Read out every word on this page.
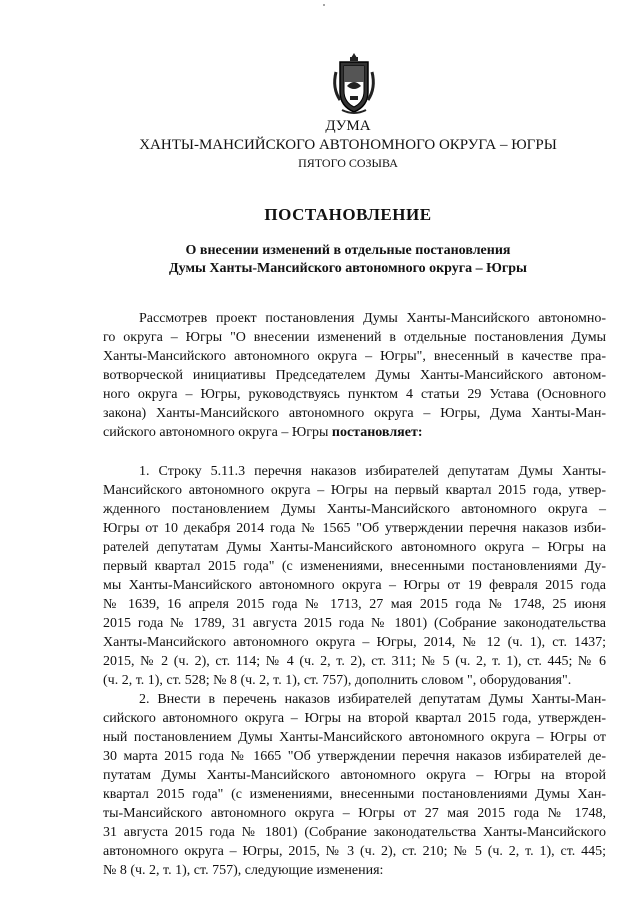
ДУМА
ХАНТЫ-МАНСИЙСКОГО АВТОНОМНОГО ОКРУГА – ЮГРЫ
ПЯТОГО СОЗЫВА
ПОСТАНОВЛЕНИЕ
О внесении изменений в отдельные постановления
Думы Ханты-Мансийского автономного округа – Югры
Рассмотрев проект постановления Думы Ханты-Мансийского автономно-
го округа – Югры "О внесении изменений в отдельные постановления Думы
Ханты-Мансийского автономного округа – Югры", внесенный в качестве пра-
вотворческой инициативы Председателем Думы Ханты-Мансийского автоном-
ного округа – Югры, руководствуясь пунктом 4 статьи 29 Устава (Основного
закона) Ханты-Мансийского автономного округа – Югры, Дума Ханты-Ман-
сийского автономного округа – Югры постановляет:
1. Строку 5.11.3 перечня наказов избирателей депутатам Думы Ханты-
Мансийского автономного округа – Югры на первый квартал 2015 года, утвер-
жденного постановлением Думы Ханты-Мансийского автономного округа –
Югры от 10 декабря 2014 года № 1565 "Об утверждении перечня наказов изби-
рателей депутатам Думы Ханты-Мансийского автономного округа – Югры на
первый квартал 2015 года" (с изменениями, внесенными постановлениями Ду-
мы Ханты-Мансийского автономного округа – Югры от 19 февраля 2015 года
№ 1639, 16 апреля 2015 года № 1713, 27 мая 2015 года № 1748, 25 июня
2015 года № 1789, 31 августа 2015 года № 1801) (Собрание законодательства
Ханты-Мансийского автономного округа – Югры, 2014, № 12 (ч. 1), ст. 1437;
2015, № 2 (ч. 2), ст. 114; № 4 (ч. 2, т. 2), ст. 311; № 5 (ч. 2, т. 1), ст. 445; № 6
(ч. 2, т. 1), ст. 528; № 8 (ч. 2, т. 1), ст. 757), дополнить словом ", оборудования".
2. Внести в перечень наказов избирателей депутатам Думы Ханты-Ман-
сийского автономного округа – Югры на второй квартал 2015 года, утвержден-
ный постановлением Думы Ханты-Мансийского автономного округа – Югры от
30 марта 2015 года № 1665 "Об утверждении перечня наказов избирателей де-
путатам Думы Ханты-Мансийского автономного округа – Югры на второй
квартал 2015 года" (с изменениями, внесенными постановлениями Думы Хан-
ты-Мансийского автономного округа – Югры от 27 мая 2015 года № 1748,
31 августа 2015 года № 1801) (Собрание законодательства Ханты-Мансийского
автономного округа – Югры, 2015, № 3 (ч. 2), ст. 210; № 5 (ч. 2, т. 1), ст. 445;
№ 8 (ч. 2, т. 1), ст. 757), следующие изменения:
